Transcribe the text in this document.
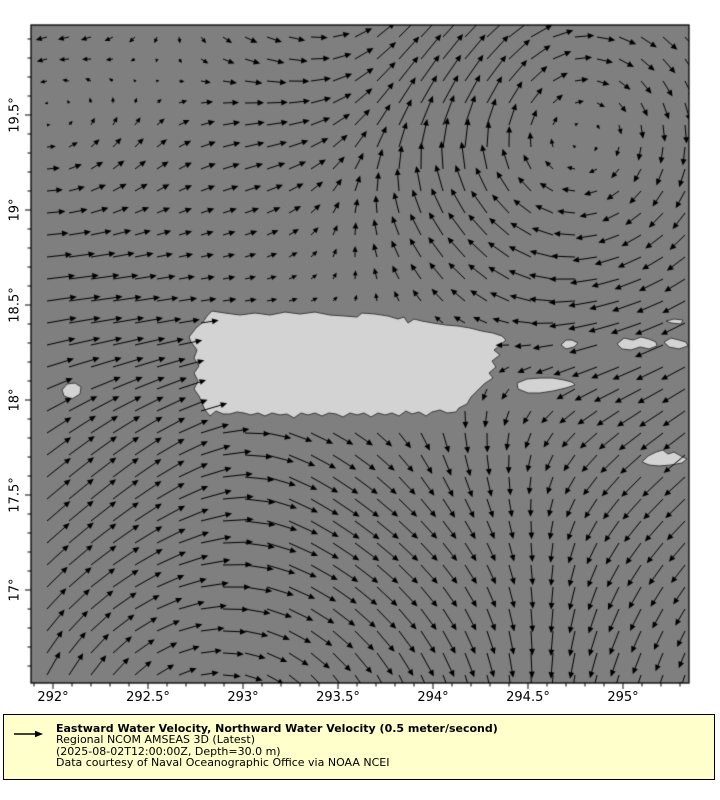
292°	292.5°	293°	293.5°	294°	294.5°	295°
19.5°
19°
18.5°
18°
17.5°
17°
Eastward Water Velocity, Northward Water Velocity (0.5 meter/second)
Regional NCOM AMSEAS 3D (Latest)
(2025-08-02T12:00:00Z, Depth=30.0 m)
Data courtesy of Naval Oceanographic Office via NOAA NCEI
